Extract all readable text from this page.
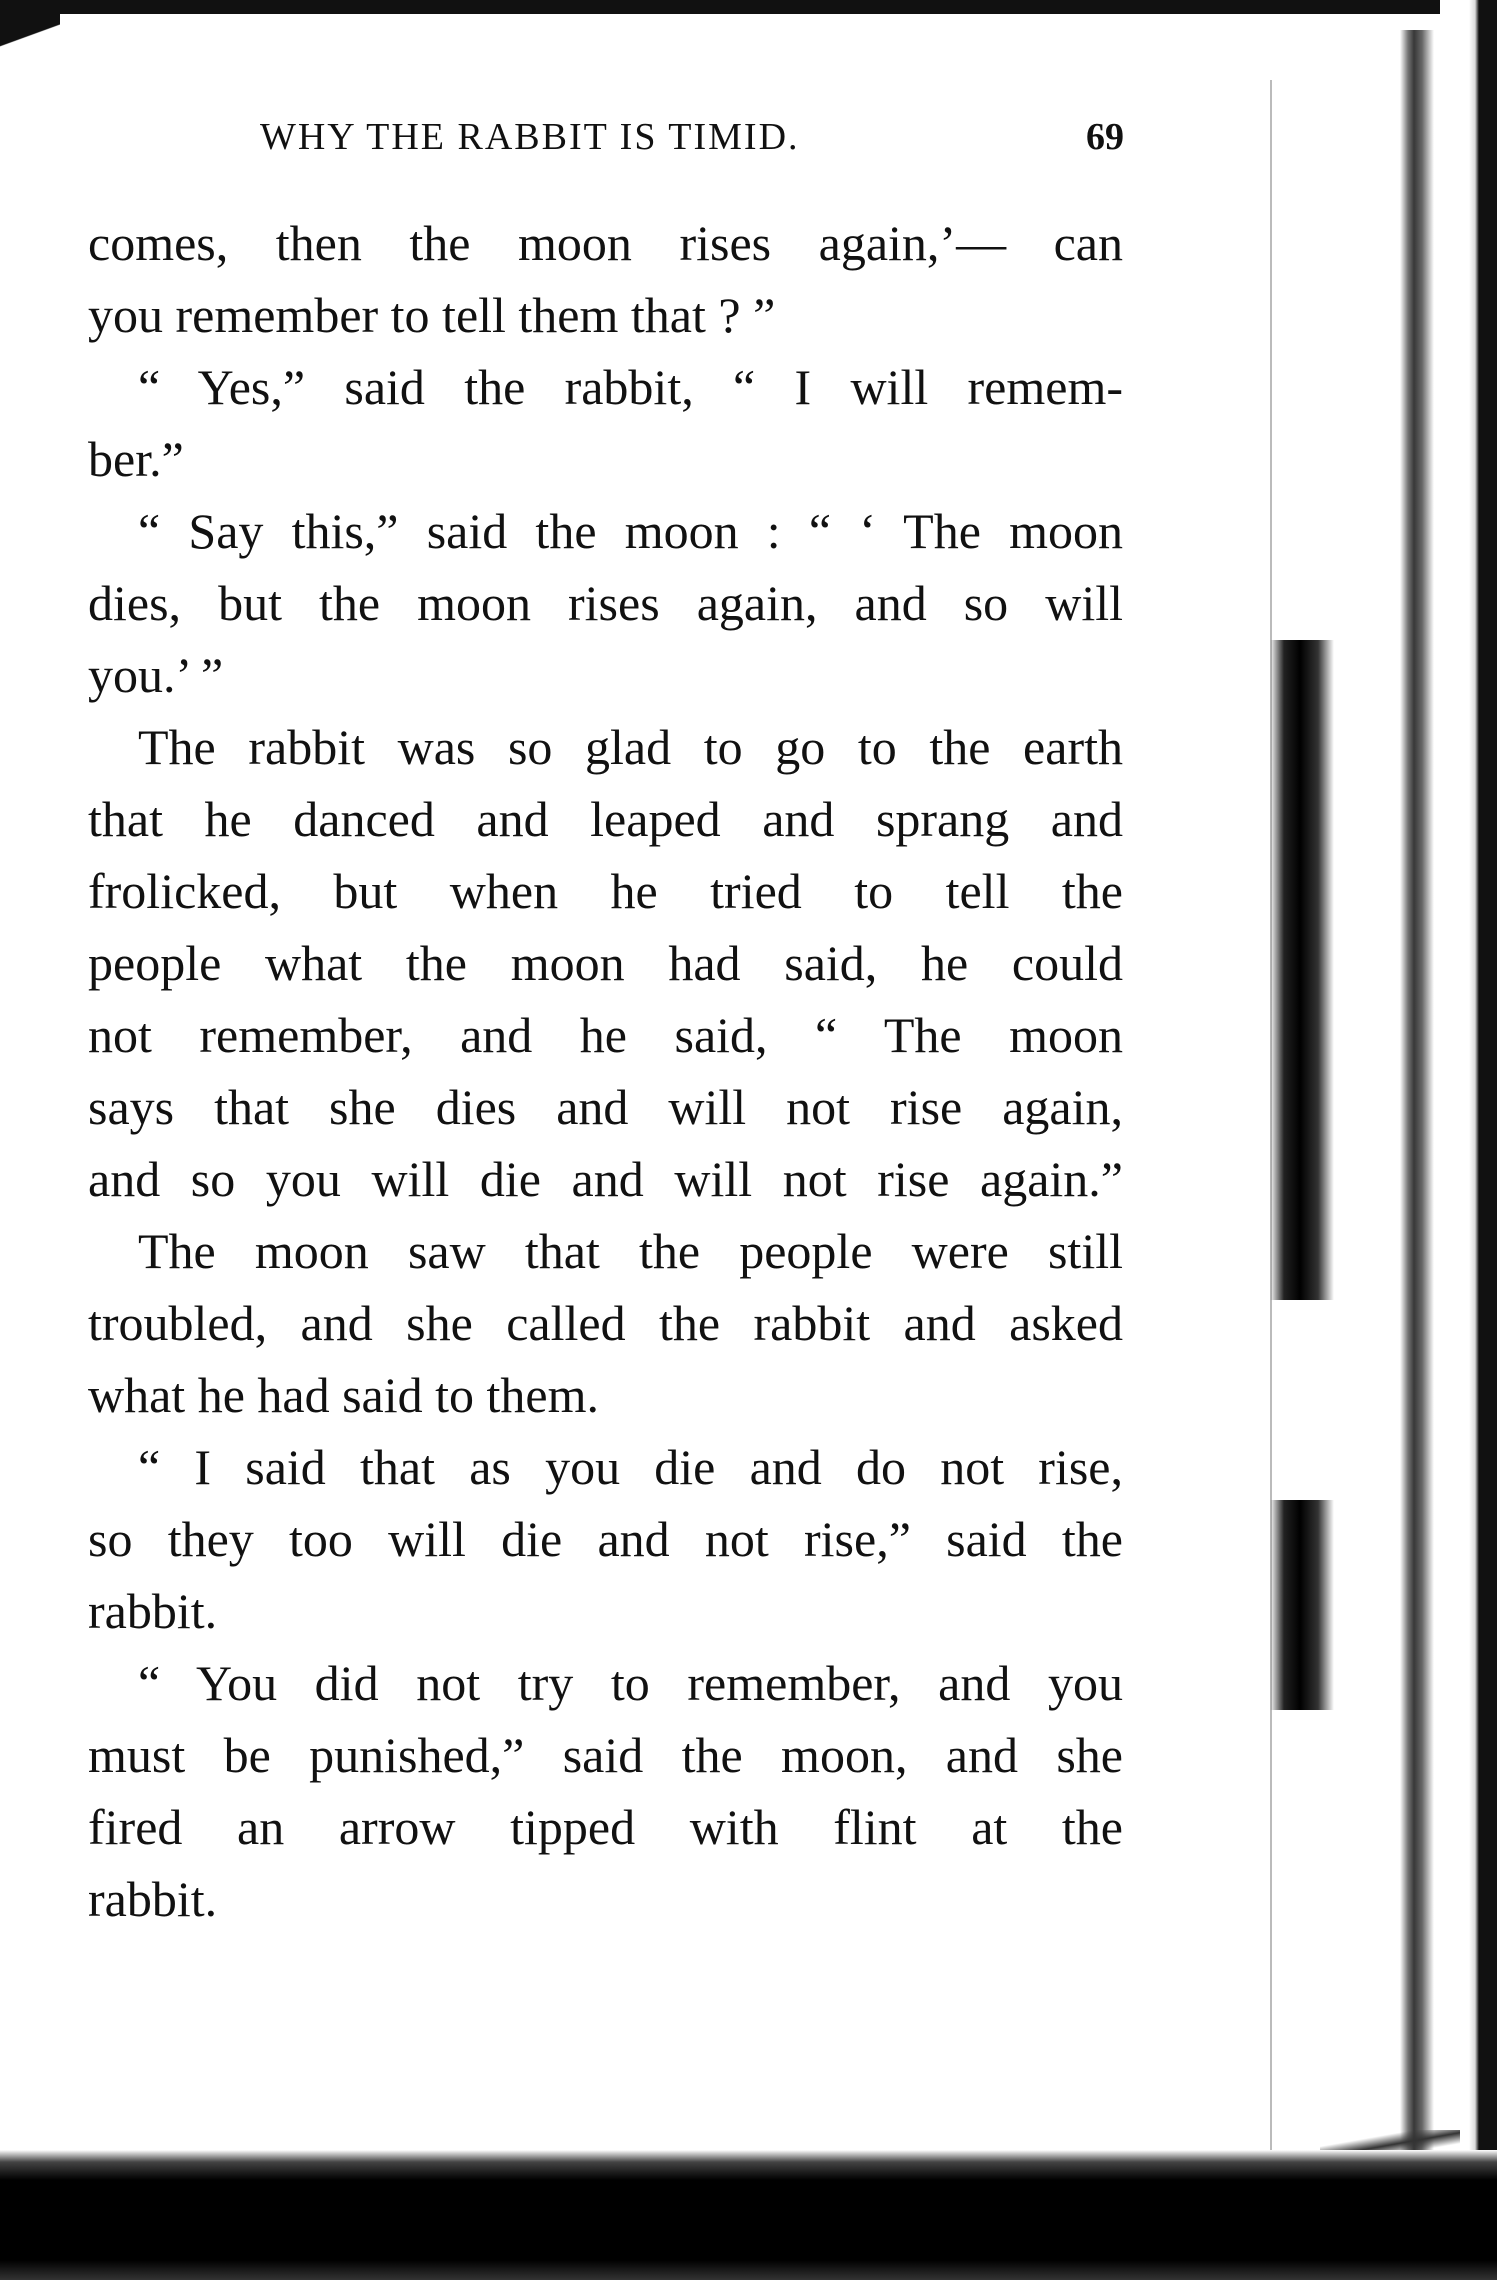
WHY THE RABBIT IS TIMID.	69
comes, then the moon rises again,’— can
you remember to tell them that ? ”
“ Yes,” said the rabbit, “ I will remem-
ber.”
“ Say this,” said the moon : “ ‘ The moon
dies, but the moon rises again, and so will
you.’ ”
The rabbit was so glad to go to the earth
that he danced and leaped and sprang and
frolicked, but when he tried to tell the
people what the moon had said, he could
not remember, and he said, “ The moon
says that she dies and will not rise again,
and so you will die and will not rise again.”
The moon saw that the people were still
troubled, and she called the rabbit and asked
what he had said to them.
“ I said that as you die and do not rise,
so they too will die and not rise,” said the
rabbit.
“ You did not try to remember, and you
must be punished,” said the moon, and she
fired an arrow tipped with flint at the
rabbit.
